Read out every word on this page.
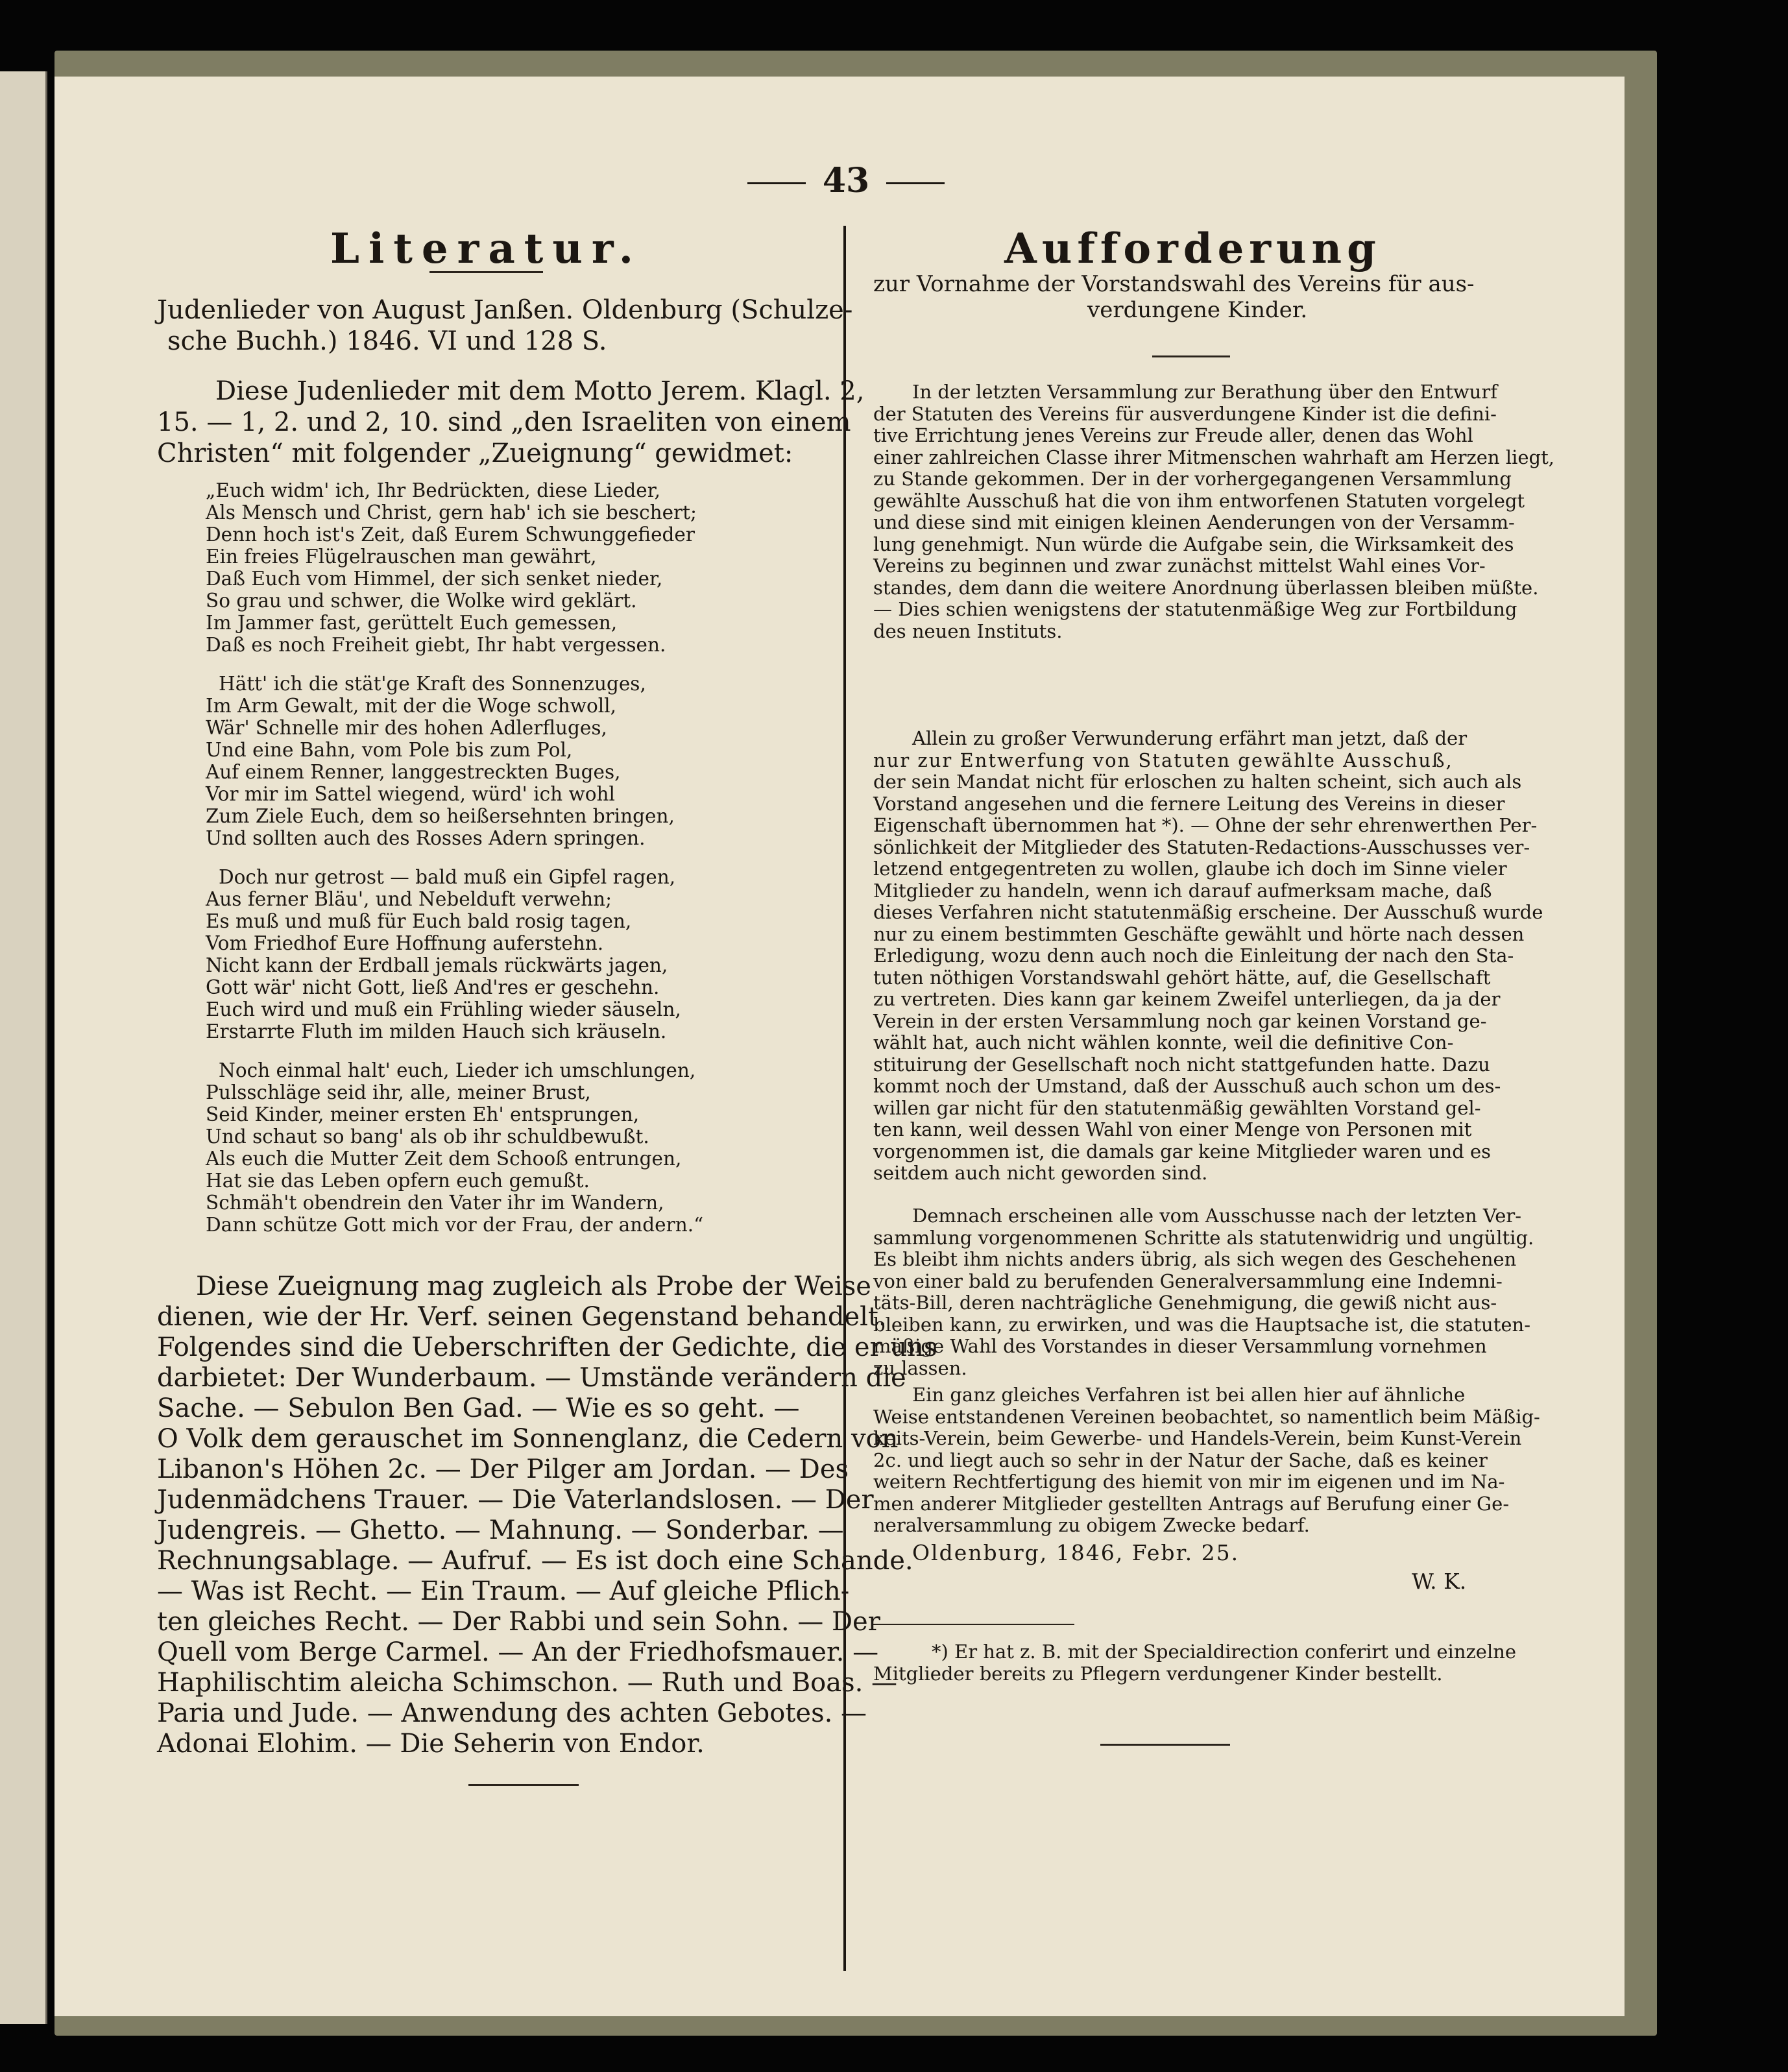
43
Literatur.
Judenlieder von August Janßen. Oldenburg (Schulze-
sche Buchh.) 1846. VI und 128 S.
Diese Judenlieder mit dem Motto Jerem. Klagl. 2,
15. — 1, 2. und 2, 10. sind „den Israeliten von einem
Christen“ mit folgender „Zueignung“ gewidmet:
„Euch widm' ich, Ihr Bedrückten, diese Lieder,
Als Mensch und Christ, gern hab' ich sie beschert;
Denn hoch ist's Zeit, daß Eurem Schwunggefieder
Ein freies Flügelrauschen man gewährt,
Daß Euch vom Himmel, der sich senket nieder,
So grau und schwer, die Wolke wird geklärt.
Im Jammer fast, gerüttelt Euch gemessen,
Daß es noch Freiheit giebt, Ihr habt vergessen.
Hätt' ich die stät'ge Kraft des Sonnenzuges,
Im Arm Gewalt, mit der die Woge schwoll,
Wär' Schnelle mir des hohen Adlerfluges,
Und eine Bahn, vom Pole bis zum Pol,
Auf einem Renner, langgestreckten Buges,
Vor mir im Sattel wiegend, würd' ich wohl
Zum Ziele Euch, dem so heißersehnten bringen,
Und sollten auch des Rosses Adern springen.
Doch nur getrost — bald muß ein Gipfel ragen,
Aus ferner Bläu', und Nebelduft verwehn;
Es muß und muß für Euch bald rosig tagen,
Vom Friedhof Eure Hoffnung auferstehn.
Nicht kann der Erdball jemals rückwärts jagen,
Gott wär' nicht Gott, ließ And'res er geschehn.
Euch wird und muß ein Frühling wieder säuseln,
Erstarrte Fluth im milden Hauch sich kräuseln.
Noch einmal halt' euch, Lieder ich umschlungen,
Pulsschläge seid ihr, alle, meiner Brust,
Seid Kinder, meiner ersten Eh' entsprungen,
Und schaut so bang' als ob ihr schuldbewußt.
Als euch die Mutter Zeit dem Schooß entrungen,
Hat sie das Leben opfern euch gemußt.
Schmäh't obendrein den Vater ihr im Wandern,
Dann schütze Gott mich vor der Frau, der andern.“
Diese Zueignung mag zugleich als Probe der Weise
dienen, wie der Hr. Verf. seinen Gegenstand behandelt.
Folgendes sind die Ueberschriften der Gedichte, die er uns
darbietet: Der Wunderbaum. — Umstände verändern die
Sache. — Sebulon Ben Gad. — Wie es so geht. —
O Volk dem gerauschet im Sonnenglanz, die Cedern von
Libanon's Höhen 2c. — Der Pilger am Jordan. — Des
Judenmädchens Trauer. — Die Vaterlandslosen. — Der
Judengreis. — Ghetto. — Mahnung. — Sonderbar. —
Rechnungsablage. — Aufruf. — Es ist doch eine Schande.
— Was ist Recht. — Ein Traum. — Auf gleiche Pflich-
ten gleiches Recht. — Der Rabbi und sein Sohn. — Der
Quell vom Berge Carmel. — An der Friedhofsmauer. —
Haphilischtim aleicha Schimschon. — Ruth und Boas. —
Paria und Jude. — Anwendung des achten Gebotes. —
Adonai Elohim. — Die Seherin von Endor.
Aufforderung
zur Vornahme der Vorstandswahl des Vereins für aus-
verdungene Kinder.
In der letzten Versammlung zur Berathung über den Entwurf
der Statuten des Vereins für ausverdungene Kinder ist die defini-
tive Errichtung jenes Vereins zur Freude aller, denen das Wohl
einer zahlreichen Classe ihrer Mitmenschen wahrhaft am Herzen liegt,
zu Stande gekommen. Der in der vorhergegangenen Versammlung
gewählte Ausschuß hat die von ihm entworfenen Statuten vorgelegt
und diese sind mit einigen kleinen Aenderungen von der Versamm-
lung genehmigt. Nun würde die Aufgabe sein, die Wirksamkeit des
Vereins zu beginnen und zwar zunächst mittelst Wahl eines Vor-
standes, dem dann die weitere Anordnung überlassen bleiben müßte.
— Dies schien wenigstens der statutenmäßige Weg zur Fortbildung
des neuen Instituts.
Allein zu großer Verwunderung erfährt man jetzt, daß der
nur zur Entwerfung von Statuten gewählte Ausschuß,
der sein Mandat nicht für erloschen zu halten scheint, sich auch als
Vorstand angesehen und die fernere Leitung des Vereins in dieser
Eigenschaft übernommen hat *). — Ohne der sehr ehrenwerthen Per-
sönlichkeit der Mitglieder des Statuten-Redactions-Ausschusses ver-
letzend entgegentreten zu wollen, glaube ich doch im Sinne vieler
Mitglieder zu handeln, wenn ich darauf aufmerksam mache, daß
dieses Verfahren nicht statutenmäßig erscheine. Der Ausschuß wurde
nur zu einem bestimmten Geschäfte gewählt und hörte nach dessen
Erledigung, wozu denn auch noch die Einleitung der nach den Sta-
tuten nöthigen Vorstandswahl gehört hätte, auf, die Gesellschaft
zu vertreten. Dies kann gar keinem Zweifel unterliegen, da ja der
Verein in der ersten Versammlung noch gar keinen Vorstand ge-
wählt hat, auch nicht wählen konnte, weil die definitive Con-
stituirung der Gesellschaft noch nicht stattgefunden hatte. Dazu
kommt noch der Umstand, daß der Ausschuß auch schon um des-
willen gar nicht für den statutenmäßig gewählten Vorstand gel-
ten kann, weil dessen Wahl von einer Menge von Personen mit
vorgenommen ist, die damals gar keine Mitglieder waren und es
seitdem auch nicht geworden sind.
Demnach erscheinen alle vom Ausschusse nach der letzten Ver-
sammlung vorgenommenen Schritte als statutenwidrig und ungültig.
Es bleibt ihm nichts anders übrig, als sich wegen des Geschehenen
von einer bald zu berufenden Generalversammlung eine Indemni-
täts-Bill, deren nachträgliche Genehmigung, die gewiß nicht aus-
bleiben kann, zu erwirken, und was die Hauptsache ist, die statuten-
mäßige Wahl des Vorstandes in dieser Versammlung vornehmen
zu lassen.
Ein ganz gleiches Verfahren ist bei allen hier auf ähnliche
Weise entstandenen Vereinen beobachtet, so namentlich beim Mäßig-
keits-Verein, beim Gewerbe- und Handels-Verein, beim Kunst-Verein
2c. und liegt auch so sehr in der Natur der Sache, daß es keiner
weitern Rechtfertigung des hiemit von mir im eigenen und im Na-
men anderer Mitglieder gestellten Antrags auf Berufung einer Ge-
neralversammlung zu obigem Zwecke bedarf.
Oldenburg, 1846, Febr. 25.
W. K.
*) Er hat z. B. mit der Specialdirection conferirt und einzelne
Mitglieder bereits zu Pflegern verdungener Kinder bestellt.
